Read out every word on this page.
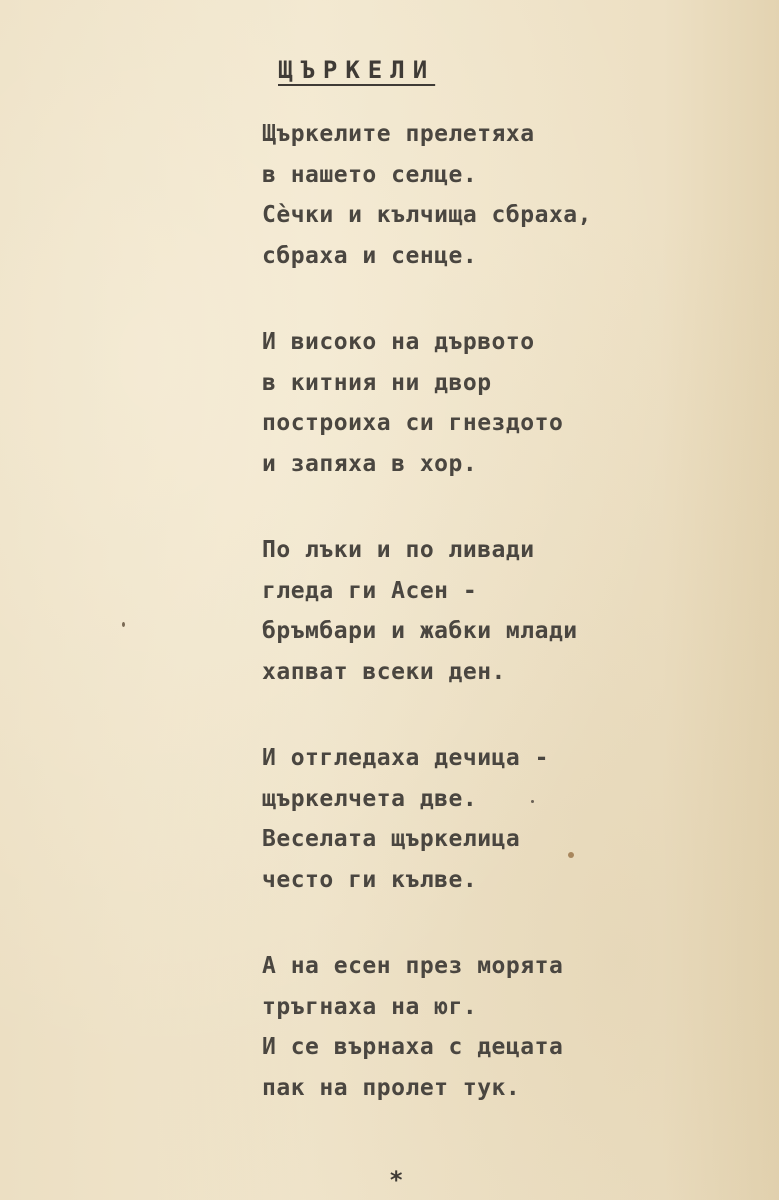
ЩЪРКЕЛИ
Щъркелите прелетяха
в нашето селце.
Сѐчки и кълчища сбраха,
сбраха и сенце.
И високо на дървото
в китния ни двор
построиха си гнездото
и запяха в хор.
По лъки и по ливади
гледа ги Асен -
бръмбари и жабки млади
хапват всеки ден.
И отгледаха дечица -
щъркелчета две.
Веселата щъркелица
често ги кълве.
А на есен през морята
тръгнаха на юг.
И се върнаха с децата
пак на пролет тук.
*
